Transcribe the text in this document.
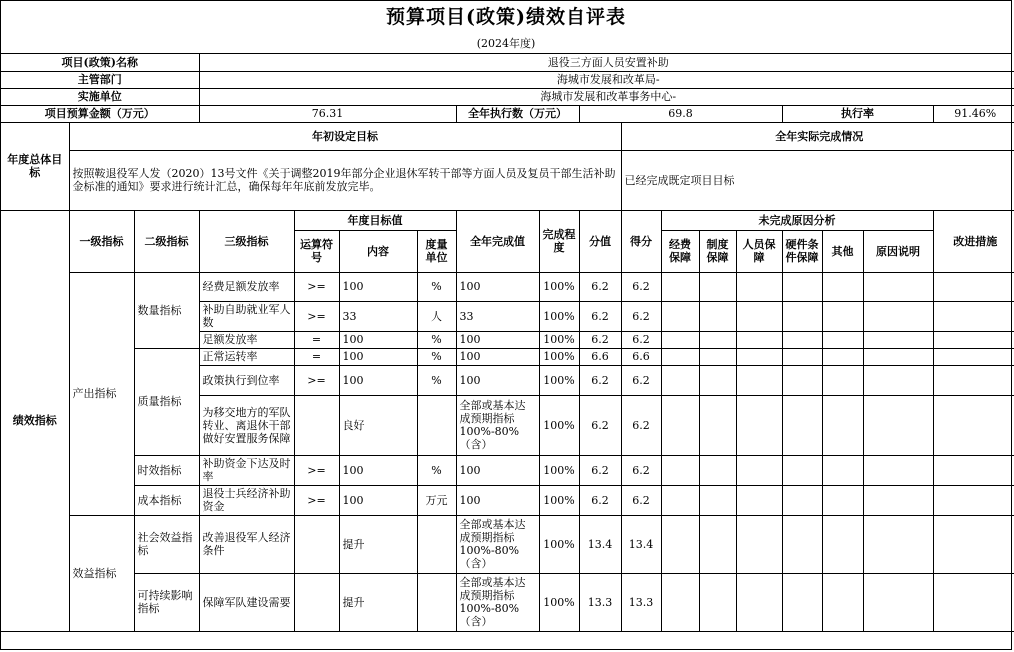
预算项目(政策)绩效自评表
(2024年度)
项目(政策)名称			退役三方面人员安置补助														
主管部门			海城市发展和改革局-														
实施单位			海城市发展和改革事务中心-														
项目预算金额（万元）			76.31				全年执行数（万元）		69.8					执行率			91.46%
年度总体目标	年初设定目标									全年实际完成情况							
	按照鞍退役军人发（2020）13号文件《关于调整2019年部分企业退休军转干部等方面人员及复员干部生活补助金标准的通知》要求进行统计汇总，确保每年年底前发放完毕。									已经完成既定项目目标							
绩效指标	一级指标	二级指标	三级指标	年度目标值			全年完成值	完成程度	分值	得分	未完成原因分析						改进措施
				运算符号	内容	度量单位					经费保障	制度保障	人员保障	硬件条件保障	其他	原因说明	
	产出指标	数量指标	经费足额发放率	>=	100	%	100	100%	6.2	6.2							
			补助自助就业军人数	>=	33	人	33	100%	6.2	6.2							
			足额发放率	=	100	%	100	100%	6.2	6.2							
		质量指标	正常运转率	=	100	%	100	100%	6.6	6.6							
			政策执行到位率	>=	100	%	100	100%	6.2	6.2							
			为移交地方的军队转业、离退休干部做好安置服务保障		良好		全部或基本达成预期指标100%-80%（含）	100%	6.2	6.2							
		时效指标	补助资金下达及时率	>=	100	%	100	100%	6.2	6.2							
		成本指标	退役士兵经济补助资金	>=	100	万元	100	100%	6.2	6.2							
	效益指标	社会效益指标	改善退役军人经济条件		提升		全部或基本达成预期指标100%-80%（含）	100%	13.4	13.4							
		可持续影响指标	保障军队建设需要		提升		全部或基本达成预期指标100%-80%（含）	100%	13.3	13.3							
